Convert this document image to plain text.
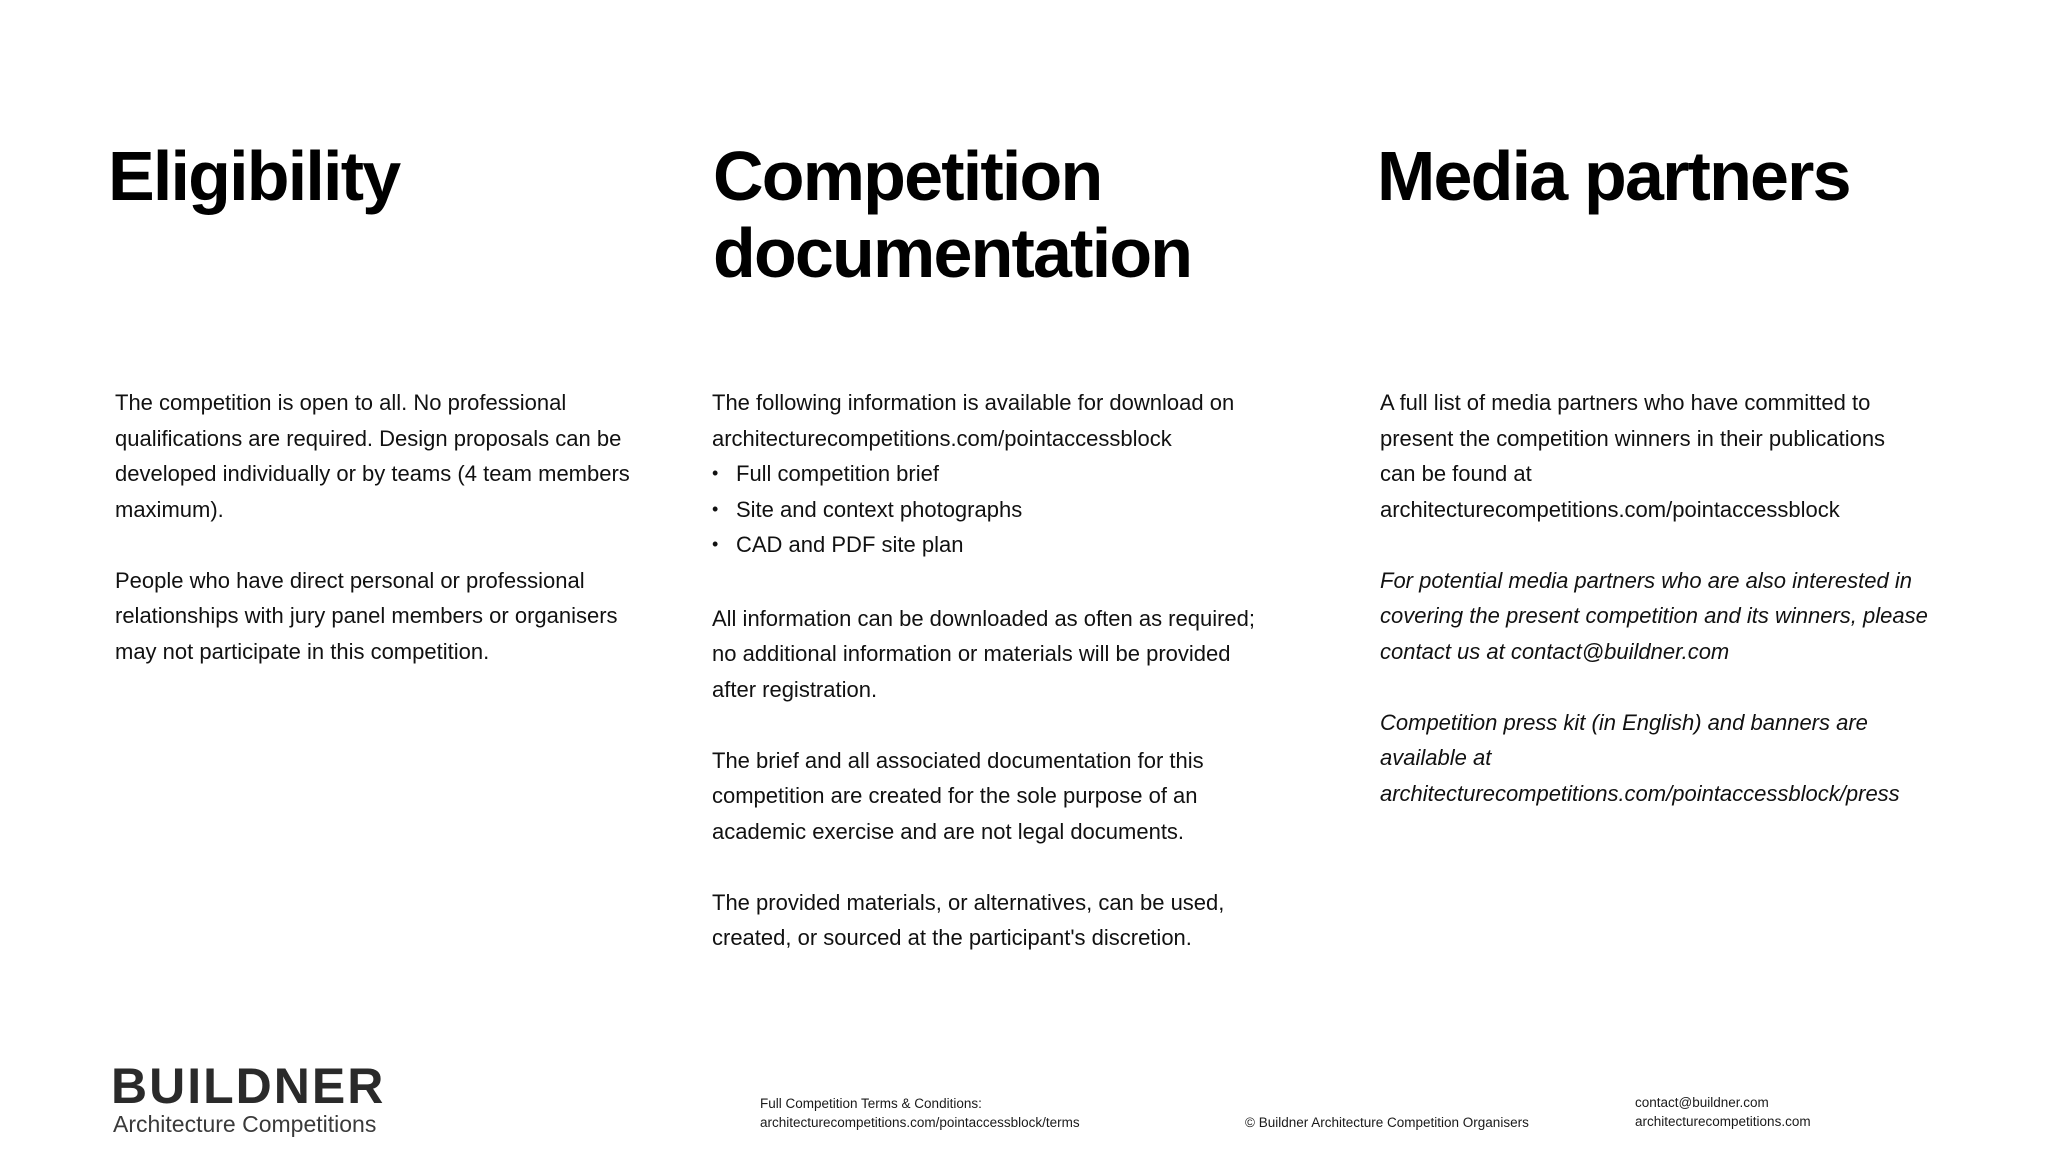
Eligibility	Competition
documentation
Media partners

The competition is open to all. No professional
qualifications are required. Design proposals can be
developed individually or by teams (4 team members
maximum).

People who have direct personal or professional
relationships with jury panel members or organisers
may not participate in this competition.

The following information is available for download on
architecturecompetitions.com/pointaccessblock

• Full competition brief
• Site and context photographs
• CAD and PDF site plan

All information can be downloaded as often as required;
no additional information or materials will be provided
after registration.

The brief and all associated documentation for this
competition are created for the sole purpose of an
academic exercise and are not legal documents.

The provided materials, or alternatives, can be used,
created, or sourced at the participant's discretion.

A full list of media partners who have committed to
present the competition winners in their publications
can be found at
architecturecompetitions.com/pointaccessblock

For potential media partners who are also interested in
covering the present competition and its winners, please
contact us at contact@buildner.com

Competition press kit (in English) and banners are
available at
architecturecompetitions.com/pointaccessblock/press

BUILDNER
Architecture Competitions
Full Competition Terms & Conditions:
architecturecompetitions.com/pointaccessblock/terms	© Buildner Architecture Competition Organisers
contact@buildner.com
architecturecompetitions.com
